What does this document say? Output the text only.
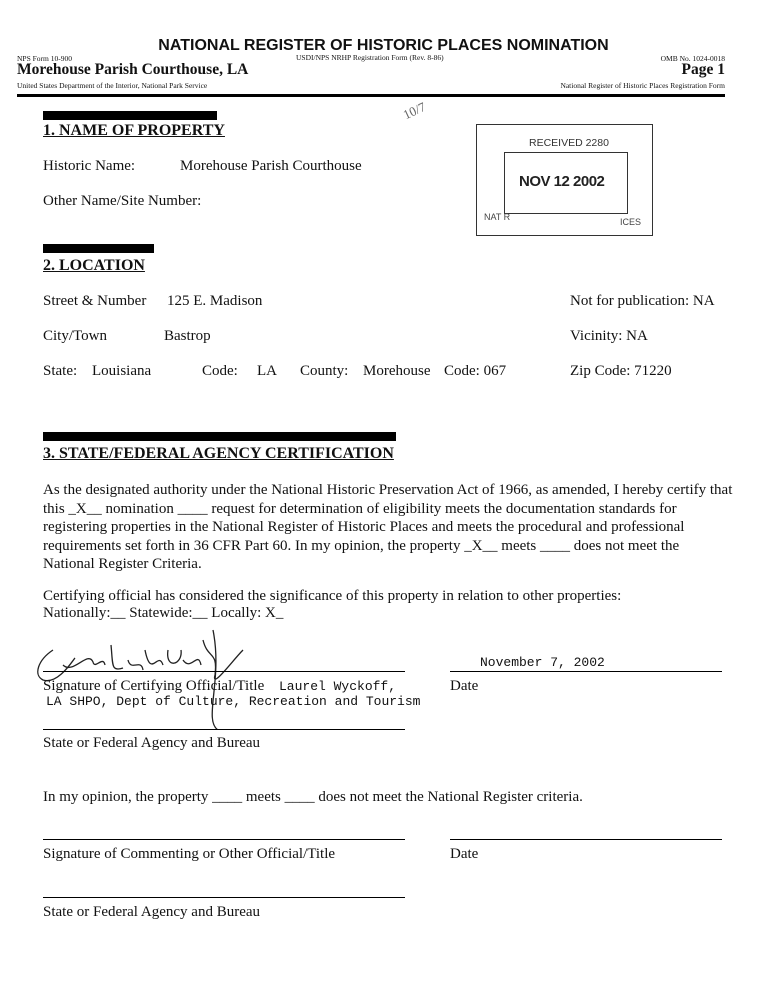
NATIONAL REGISTER OF HISTORIC PLACES NOMINATION
NPS Form 10-900	USDI/NPS NRHP Registration Form (Rev. 8-86)	OMB No. 1024-0018
Morehouse Parish Courthouse, LA	Page 1
United States Department of the Interior, National Park Service	National Register of Historic Places Registration Form
10/7
RECEIVED 2280
NOV 12 2002
NAT R	ICES
1. NAME OF PROPERTY
Historic Name:	Morehouse Parish Courthouse
Other Name/Site Number:
2. LOCATION
Street & Number 125 E. Madison	Not for publication: NA
City/Town	Bastrop	Vicinity: NA
State: Louisiana	Code: LA County: Morehouse Code: 067	Zip Code: 71220
3. STATE/FEDERAL AGENCY CERTIFICATION
As the designated authority under the National Historic Preservation Act of 1966, as amended, I hereby certify that this _X__ nomination ____ request for determination of eligibility meets the documentation standards for registering properties in the National Register of Historic Places and meets the procedural and professional requirements set forth in 36 CFR Part 60. In my opinion, the property _X__ meets ____ does not meet the National Register Criteria.
Certifying official has considered the significance of this property in relation to other properties:
Nationally:__ Statewide:__ Locally: X_
November 7, 2002
Signature of Certifying Official/Title Laurel Wyckoff,
LA SHPO, Dept of Culture, Recreation and Tourism
Date
State or Federal Agency and Bureau
In my opinion, the property ____ meets ____ does not meet the National Register criteria.
Signature of Commenting or Other Official/Title	Date
State or Federal Agency and Bureau
